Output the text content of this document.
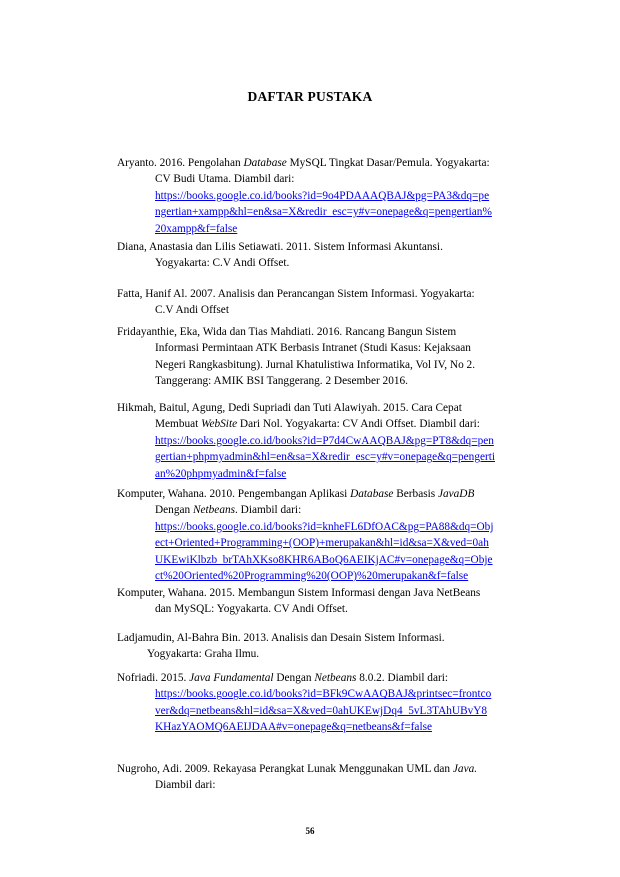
DAFTAR PUSTAKA
Aryanto. 2016. Pengolahan Database MySQL Tingkat Dasar/Pemula. Yogyakarta:
CV Budi Utama. Diambil dari:
https://books.google.co.id/books?id=9o4PDAAAQBAJ&pg=PA3&dq=pe
ngertian+xampp&hl=en&sa=X&redir_esc=y#v=onepage&q=pengertian%
20xampp&f=false
Diana, Anastasia dan Lilis Setiawati. 2011. Sistem Informasi Akuntansi.
Yogyakarta: C.V Andi Offset.
Fatta, Hanif Al. 2007. Analisis dan Perancangan Sistem Informasi. Yogyakarta:
C.V Andi Offset
Fridayanthie, Eka, Wida dan Tias Mahdiati. 2016. Rancang Bangun Sistem
Informasi Permintaan ATK Berbasis Intranet (Studi Kasus: Kejaksaan
Negeri Rangkasbitung). Jurnal Khatulistiwa Informatika, Vol IV, No 2.
Tanggerang: AMIK BSI Tanggerang. 2 Desember 2016.
Hikmah, Baitul, Agung, Dedi Supriadi dan Tuti Alawiyah. 2015. Cara Cepat
Membuat WebSite Dari Nol. Yogyakarta: CV Andi Offset. Diambil dari:
https://books.google.co.id/books?id=P7d4CwAAQBAJ&pg=PT8&dq=pen
gertian+phpmyadmin&hl=en&sa=X&redir_esc=y#v=onepage&q=pengerti
an%20phpmyadmin&f=false
Komputer, Wahana. 2010. Pengembangan Aplikasi Database Berbasis JavaDB
Dengan Netbeans. Diambil dari:
https://books.google.co.id/books?id=knheFL6DfOAC&pg=PA88&dq=Obj
ect+Oriented+Programming+(OOP)+merupakan&hl=id&sa=X&ved=0ah
UKEwiKlbzb_brTAhXKso8KHR6ABoQ6AEIKjAC#v=onepage&q=Obje
ct%20Oriented%20Programming%20(OOP)%20merupakan&f=false
Komputer, Wahana. 2015. Membangun Sistem Informasi dengan Java NetBeans
dan MySQL: Yogyakarta. CV Andi Offset.
Ladjamudin, Al-Bahra Bin. 2013. Analisis dan Desain Sistem Informasi.
Yogyakarta: Graha Ilmu.
Nofriadi. 2015. Java Fundamental Dengan Netbeans 8.0.2. Diambil dari:
https://books.google.co.id/books?id=BFk9CwAAQBAJ&printsec=frontco
ver&dq=netbeans&hl=id&sa=X&ved=0ahUKEwjDq4_5vL3TAhUBvY8
KHazYAOMQ6AEIJDAA#v=onepage&q=netbeans&f=false
Nugroho, Adi. 2009. Rekayasa Perangkat Lunak Menggunakan UML dan Java.
Diambil dari:
56
